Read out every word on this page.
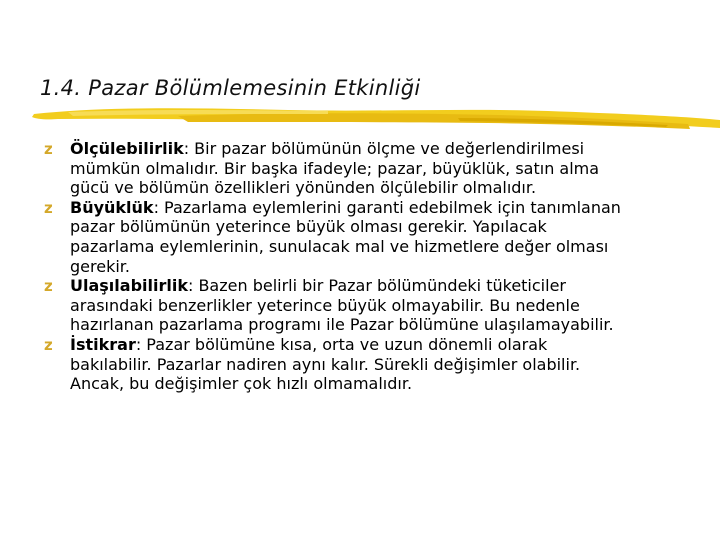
1.4. Pazar Bölümlemesinin Etkinliği
z Ölçülebilirlik: Bir pazar bölümünün ölçme ve değerlendirilmesi
mümkün olmalıdır. Bir başka ifadeyle; pazar, büyüklük, satın alma
gücü ve bölümün özellikleri yönünden ölçülebilir olmalıdır.
z Büyüklük: Pazarlama eylemlerini garanti edebilmek için tanımlanan
pazar bölümünün yeterince büyük olması gerekir. Yapılacak
pazarlama eylemlerinin, sunulacak mal ve hizmetlere değer olması
gerekir.
z Ulaşılabilirlik: Bazen belirli bir Pazar bölümündeki tüketiciler
arasındaki benzerlikler yeterince büyük olmayabilir. Bu nedenle
hazırlanan pazarlama programı ile Pazar bölümüne ulaşılamayabilir.
z İstikrar: Pazar bölümüne kısa, orta ve uzun dönemli olarak
bakılabilir. Pazarlar nadiren aynı kalır. Sürekli değişimler olabilir.
Ancak, bu değişimler çok hızlı olmamalıdır.
